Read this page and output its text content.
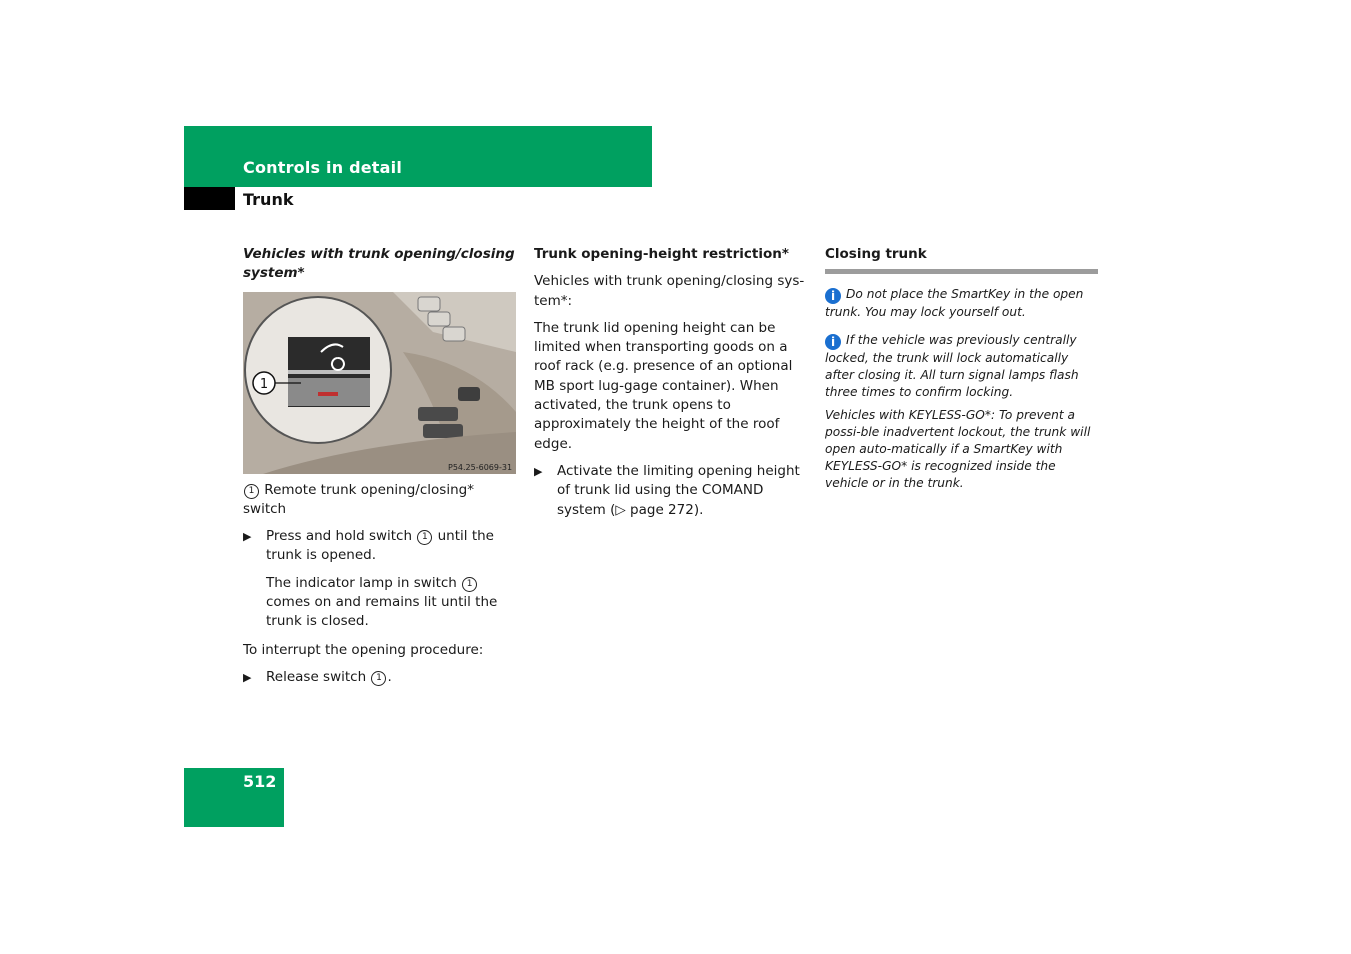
Controls in detail
Trunk

Vehicles with trunk opening/closing system*

1
P54.25-6069-31

1 Remote trunk opening/closing* switch

▶ Press and hold switch 1 until the trunk is opened.

The indicator lamp in switch 1 comes on and remains lit until the trunk is closed.

To interrupt the opening procedure:

▶ Release switch 1 .

Trunk opening-height restriction*

Vehicles with trunk opening/closing sys-tem*:

The trunk lid opening height can be limited when transporting goods on a roof rack (e.g. presence of an optional MB sport lug-gage container). When activated, the trunk opens to approximately the height of the roof edge.

▶ Activate the limiting opening height of trunk lid using the COMAND system (▷ page 272).

Closing trunk

i Do not place the SmartKey in the open trunk. You may lock yourself out.

i If the vehicle was previously centrally locked, the trunk will lock automatically after closing it. All turn signal lamps flash three times to confirm locking.

Vehicles with KEYLESS-GO*: To prevent a possi-ble inadvertent lockout, the trunk will open auto-matically if a SmartKey with KEYLESS-GO* is recognized inside the vehicle or in the trunk.

512
